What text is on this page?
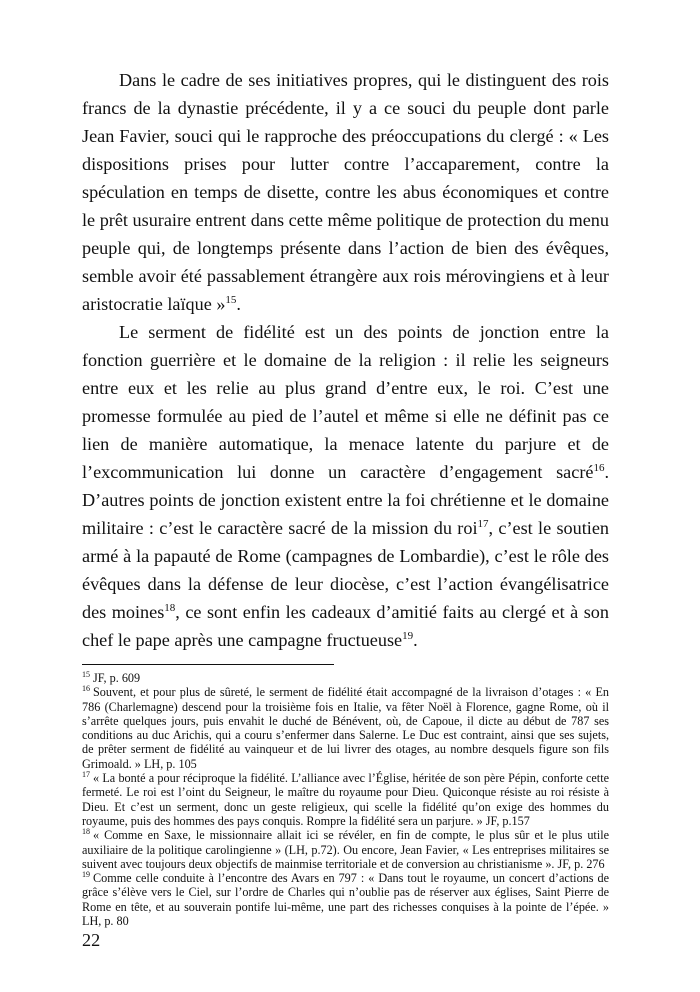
Dans le cadre de ses initiatives propres, qui le distinguent des rois francs de la dynastie précédente, il y a ce souci du peuple dont parle Jean Favier, souci qui le rapproche des préoccupations du clergé : « Les dispositions prises pour lutter contre l’accaparement, contre la spéculation en temps de disette, contre les abus économiques et contre le prêt usuraire entrent dans cette même politique de protection du menu peuple qui, de longtemps présente dans l’action de bien des évêques, semble avoir été passablement étrangère aux rois mérovingiens et à leur aristocratie laïque »$^{15}$.

Le serment de fidélité est un des points de jonction entre la fonction guerrière et le domaine de la religion : il relie les seigneurs entre eux et les relie au plus grand d’entre eux, le roi. C’est une promesse formulée au pied de l’autel et même si elle ne définit pas ce lien de manière automatique, la menace latente du parjure et de l’excommunication lui donne un caractère d’engagement sacré$^{16}$. D’autres points de jonction existent entre la foi chrétienne et le domaine militaire : c’est le caractère sacré de la mission du roi$^{17}$, c’est le soutien armé à la papauté de Rome (campagnes de Lombardie), c’est le rôle des évêques dans la défense de leur diocèse, c’est l’action évangélisatrice des moines$^{18}$, ce sont enfin les cadeaux d’amitié faits au clergé et à son chef le pape après une campagne fructueuse$^{19}$.

$^{15}$ JF, p. 609

$^{16}$ Souvent, et pour plus de sûreté, le serment de fidélité était accompagné de la livraison d’otages : « En 786 (Charlemagne) descend pour la troisième fois en Italie, va fêter Noël à Florence, gagne Rome, où il s’arrête quelques jours, puis envahit le duché de Bénévent, où, de Capoue, il dicte au début de 787 ses conditions au duc Arichis, qui a couru s’enfermer dans Salerne. Le Duc est contraint, ainsi que ses sujets, de prêter serment de fidélité au vainqueur et de lui livrer des otages, au nombre desquels figure son fils Grimoald. » LH, p. 105

$^{17}$ « La bonté a pour réciproque la fidélité. L’alliance avec l’Église, héritée de son père Pépin, conforte cette fermeté. Le roi est l’oint du Seigneur, le maître du royaume pour Dieu. Quiconque résiste au roi résiste à Dieu. Et c’est un serment, donc un geste religieux, qui scelle la fidélité qu’on exige des hommes du royaume, puis des hommes des pays conquis. Rompre la fidélité sera un parjure. » JF, p.157

$^{18}$ « Comme en Saxe, le missionnaire allait ici se révéler, en fin de compte, le plus sûr et le plus utile auxiliaire de la politique carolingienne » (LH, p.72). Ou encore, Jean Favier, « Les entreprises militaires se suivent avec toujours deux objectifs de mainmise territoriale et de conversion au christianisme ». JF, p. 276

$^{19}$ Comme celle conduite à l’encontre des Avars en 797 : « Dans tout le royaume, un concert d’actions de grâce s’élève vers le Ciel, sur l’ordre de Charles qui n’oublie pas de réserver aux églises, Saint Pierre de Rome en tête, et au souverain pontife lui-même, une part des richesses conquises à la pointe de l’épée. » LH, p. 80

22
